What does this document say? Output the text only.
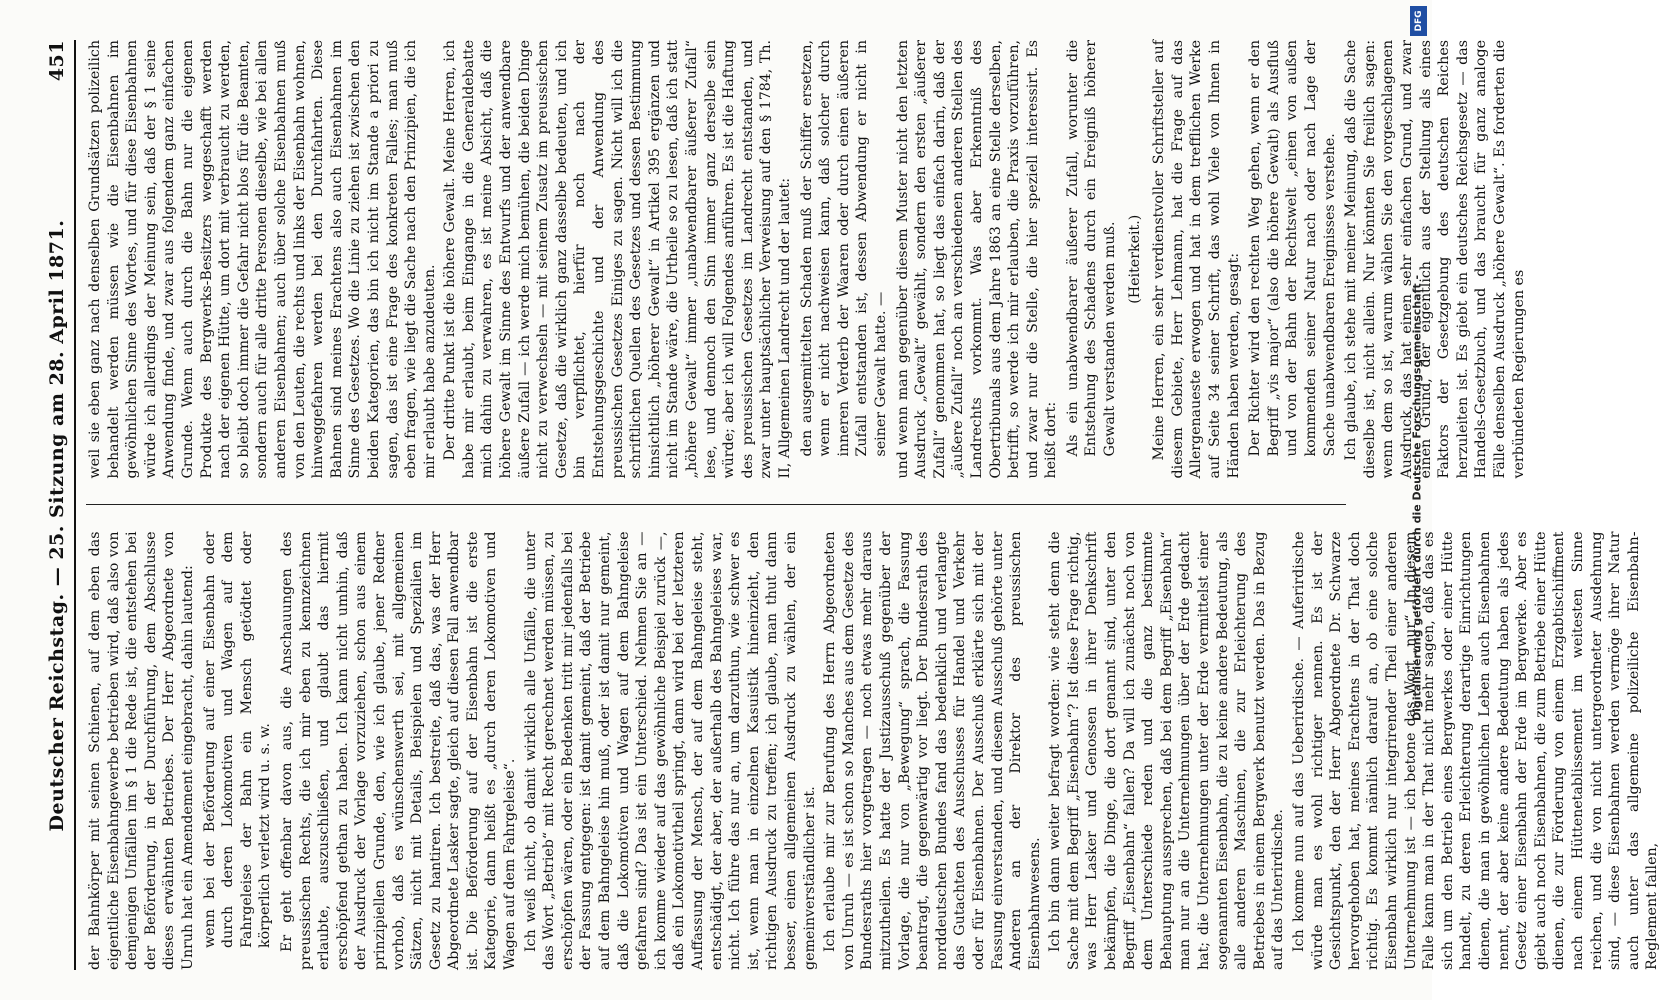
Deutscher Reichstag. — 25. Sitzung am 28. April 1871.
451

der Bahnkörper mit seinen Schienen, auf dem eben das eigentliche Eisenbahngewerbe betrieben wird, daß also von demjenigen Unfällen im § 1 die Rede ist, die entstehen bei der Beförderung, in der Durchführung, dem Abschlusse dieses erwähnten Betriebes. Der Herr Abgeordnete von Unruh hat ein Amendement eingebracht, dahin lautend: wenn bei der Beförderung auf einer Eisenbahn oder durch deren Lokomotiven und Wagen auf dem Fahrgeleise der Bahn ein Mensch getödtet oder körperlich verletzt wird u. s. w. Er geht offenbar davon aus, die Anschauungen des preussischen Rechts, die ich mir eben zu kennzeichnen erlaubte, auszuschließen, und glaubt das hiermit erschöpfend gethan zu haben. Ich kann nicht umhin, daß der Ausdruck der Vorlage vorzuziehen, schon aus einem prinzipiellen Grunde, den, wie ich glaube, jener Redner vorhob, daß es wünschenswerth sei, mit allgemeinen Sätzen, nicht mit Details, Beispielen und Spezialien im Gesetz zu hantiren. Ich bestreite, daß das, was der Herr Abgeordnete Lasker sagte, gleich auf diesen Fall anwendbar ist. Die Beförderung auf der Eisenbahn ist die erste Kategorie, dann heißt es „durch deren Lokomotiven und Wagen auf dem Fahrgeleise“. Ich weiß nicht, ob damit wirklich alle Unfälle, die unter das Wort „Betrieb“ mit Recht gerechnet werden müssen, zu erschöpfen wären, oder ein Bedenken tritt mir jedenfalls bei der Fassung entgegen: ist damit gemeint, daß der Betriebe auf dem Bahngeleise hin muß, oder ist damit nur gemeint, daß die Lokomotiven und Wagen auf dem Bahngeleise gefahren sind? Das ist ein Unterschied. Nehmen Sie an — ich komme wieder auf das gewöhnliche Beispiel zurück —, daß ein Lokomotivtheil springt, dann wird bei der letzteren Auffassung der Mensch, der auf dem Bahngeleise steht, entschädigt, der aber, der außerhalb des Bahngeleises war, nicht. Ich führe das nur an, um darzuthun, wie schwer es ist, wenn man in einzelnen Kasuistik hineinzieht, den richtigen Ausdruck zu treffen; ich glaube, man thut dann besser, einen allgemeinen Ausdruck zu wählen, der ein gemeinverständlicher ist. Ich erlaube mir zur Berufung des Herrn Abgeordneten von Unruh — es ist schon so Manches aus dem Gesetze des Bundesraths hier vorgetragen — noch etwas mehr daraus mitzutheilen. Es hatte der Justizausschuß gegenüber der Vorlage, die nur von „Bewegung“ sprach, die Fassung beantragt, die gegenwärtig vor liegt. Der Bundesrath des norddeutschen Bundes fand das bedenklich und verlangte das Gutachten des Ausschusses für Handel und Verkehr oder für Eisenbahnen. Der Ausschuß erklärte sich mit der Fassung einverstanden, und diesem Ausschuß gehörte unter Anderen an der Direktor des preussischen Eisenbahnwesens. Ich bin dann weiter befragt worden: wie steht denn die Sache mit dem Begriff „Eisenbahn“? Ist diese Frage richtig, was Herr Lasker und Genossen in ihrer Denkschrift bekämpfen, die Dinge, die dort genannt sind, unter den Begriff „Eisenbahn“ fallen? Da will ich zunächst noch von dem Unterschiede reden und die ganz bestimmte Behauptung aussprechen, daß bei dem Begriff „Eisenbahn“ man nur an die Unternehmungen über der Erde gedacht hat; die Unternehmungen unter der Erde vermittelst einer sogenannten Eisenbahn, die zu keine andere Bedeutung, als alle anderen Maschinen, die zur Erleichterung des Betriebes in einem Bergwerk benutzt werden. Das in Bezug auf das Unterirdische. Ich komme nun auf das Ueberirdische. — Auferirdische würde man es wohl richtiger nennen. Es ist der Gesichtspunkt, den der Herr Abgeordnete Dr. Schwarze hervorgehoben hat, meines Erachtens in der That doch richtig. Es kommt nämlich darauf an, ob eine solche Eisenbahn wirklich nur integrirender Theil einer anderen Unternehmung ist — ich betone das Wort „nur“. In diesem Falle kann man in der That nicht mehr sagen, daß das es sich um den Betrieb eines Bergwerkes oder einer Hütte handelt, zu deren Erleichterung derartige Einrichtungen dienen, die man in gewöhnlichen Leben auch Eisenbahnen nennt, der aber keine andere Bedeutung haben als jedes Gesetz einer Eisenbahn der Erde im Bergwerke. Aber es giebt auch noch Eisenbahnen, die zum Betriebe einer Hütte dienen, die zur Förderung von einem Erzgabtischiffment nach einem Hüttenetablissement im weitesten Sinne reichen, und die von nicht untergeordneter Ausdehnung sind, — diese Eisenbahnen werden vermöge ihrer Natur auch unter das allgemeine polizeiliche Eisenbahn-Reglement fallen,

weil sie eben ganz nach denselben Grundsätzen polizeilich behandelt werden müssen wie die Eisenbahnen im gewöhnlichen Sinne des Wortes, und für diese Eisenbahnen würde ich allerdings der Meinung sein, daß der § 1 seine Anwendung finde, und zwar aus folgendem ganz einfachen Grunde. Wenn auch durch die Bahn nur die eigenen Produkte des Bergwerks-Besitzers weggeschafft werden nach der eigenen Hütte, um dort mit verbraucht zu werden, so bleibt doch immer die Gefahr nicht blos für die Beamten, sondern auch für alle dritte Personen dieselbe, wie bei allen anderen Eisenbahnen; auch über solche Eisenbahnen muß von den Leuten, die rechts und links der Eisenbahn wohnen, hinweggefahren werden bei den Durchfahrten. Diese Bahnen sind meines Erachtens also auch Eisenbahnen im Sinne des Gesetzes. Wo die Linie zu ziehen ist zwischen den beiden Kategorien, das bin ich nicht im Stande a priori zu sagen, das ist eine Frage des konkreten Falles; man muß eben fragen, wie liegt die Sache nach den Prinzipien, die ich mir erlaubt habe anzudeuten. Der dritte Punkt ist die höhere Gewalt. Meine Herren, ich habe mir erlaubt, beim Eingange in die Generaldebatte mich dahin zu verwahren, es ist meine Absicht, daß die höhere Gewalt im Sinne des Entwurfs und der anwendbare äußere Zufall — ich werde mich bemühen, die beiden Dinge nicht zu verwechseln — mit seinem Zusatz im preussischen Gesetze, daß die wirklich ganz dasselbe bedeuten, und ich bin verpflichtet, hierfür noch nach der Entstehungsgeschichte und der Anwendung des preussischen Gesetzes Einiges zu sagen. Nicht will ich die schriftlichen Quellen des Gesetzes und dessen Bestimmung hinsichtlich „höherer Gewalt“ in Artikel 395 ergänzen und nicht im Stande wäre, die Urtheile so zu lesen, daß ich statt „höhere Gewalt“ immer „unabwendbarer äußerer Zufall“ lese, und dennoch den Sinn immer ganz derselbe sein würde; aber ich will Folgendes anführen. Es ist die Haftung des preussischen Gesetzes im Landrecht entstanden, und zwar unter hauptsächlicher Verweisung auf den § 1784, Th. II, Allgemeinen Landrecht und der lautet: den ausgemittelten Schaden muß der Schiffer ersetzen, wenn er nicht nachweisen kann, daß solcher durch inneren Verderb der Waaren oder durch einen äußeren Zufall entstanden ist, dessen Abwendung er nicht in seiner Gewalt hatte. — und wenn man gegenüber diesem Muster nicht den letzten Ausdruck „Gewalt“ gewählt, sondern den ersten „äußerer Zufall“ genommen hat, so liegt das einfach darin, daß der „äußere Zufall“ noch an verschiedenen anderen Stellen des Landrechts vorkommt. Was aber Erkenntniß des Obertribunals aus dem Jahre 1863 an eine Stelle derselben, betrifft, so werde ich mir erlauben, die Praxis vorzuführen, und zwar nur die Stelle, die hier speziell interessirt. Es heißt dort: Als ein unabwendbarer äußerer Zufall, worunter die Entstehung des Schadens durch ein Ereigniß höherer Gewalt verstanden werden muß. (Heiterkeit.) Meine Herren, ein sehr verdienstvoller Schriftsteller auf diesem Gebiete, Herr Lehmann, hat die Frage auf das Allergenaueste erwogen und hat in dem trefflichen Werke auf Seite 34 seiner Schrift, das wohl Viele von Ihnen in Händen haben werden, gesagt: Der Richter wird den rechten Weg gehen, wenn er den Begriff „vis major“ (also die höhere Gewalt) als Ausfluß und von der Bahn der Rechtswelt „einen von außen kommenden seiner Natur nach oder nach Lage der Sache unabwendbaren Ereignisses verstehe. Ich glaube, ich stehe mit meiner Meinung, daß die Sache dieselbe ist, nicht allein. Nur könnten Sie freilich sagen: wenn dem so ist, warum wählen Sie den vorgeschlagenen Ausdruck, das hat einen sehr einfachen Grund, und zwar einen Grund, der eigentlich aus der Stellung als eines Faktors der Gesetzgebung des deutschen Reiches herzuleiten ist. Es giebt ein deutsches Reichsgesetz — das Handels-Gesetzbuch, und das braucht für ganz analoge Fälle denselben Ausdruck „höhere Gewalt“. Es forderten die verbündeten Regierungen es

Digitalisierung gefördert durch die Deutsche Forschungsgemeinschaft -
DFG
